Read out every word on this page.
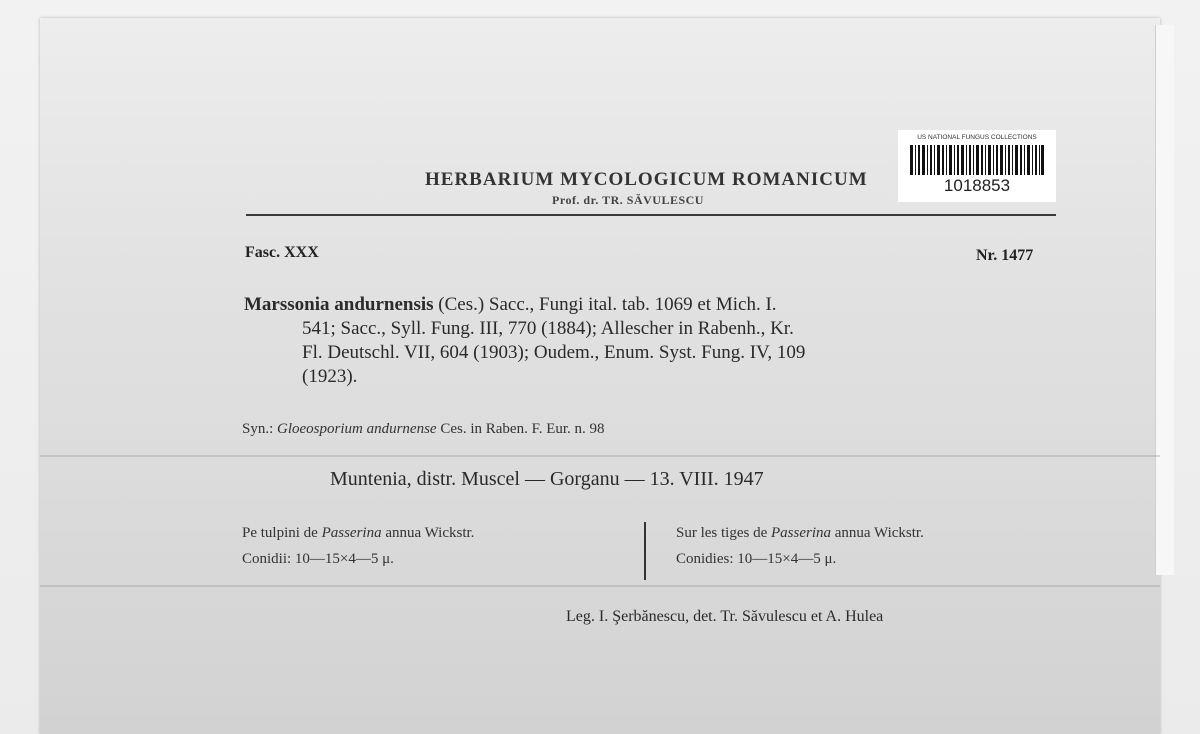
HERBARIUM MYCOLOGICUM ROMANICUM
Prof. dr. TR. SĂVULESCU
US NATIONAL FUNGUS COLLECTIONS
1018853
Fasc. XXX	Nr. 1477
Marssonia andurnensis (Ces.) Sacc., Fungi ital. tab. 1069 et Mich. I.
541; Sacc., Syll. Fung. III, 770 (1884); Allescher in Rabenh., Kr.
Fl. Deutschl. VII, 604 (1903); Oudem., Enum. Syst. Fung. IV, 109
(1923).
Syn.: Gloeosporium andurnense Ces. in Raben. F. Eur. n. 98
Muntenia, distr. Muscel — Gorganu — 13. VIII. 1947
Pe tulpini de Passerina annua Wickstr.
Conidii: 10—15×4—5 μ.
Sur les tiges de Passerina annua Wickstr.
Conidies: 10—15×4—5 μ.
Leg. I. Şerbănescu, det. Tr. Săvulescu et A. Hulea
